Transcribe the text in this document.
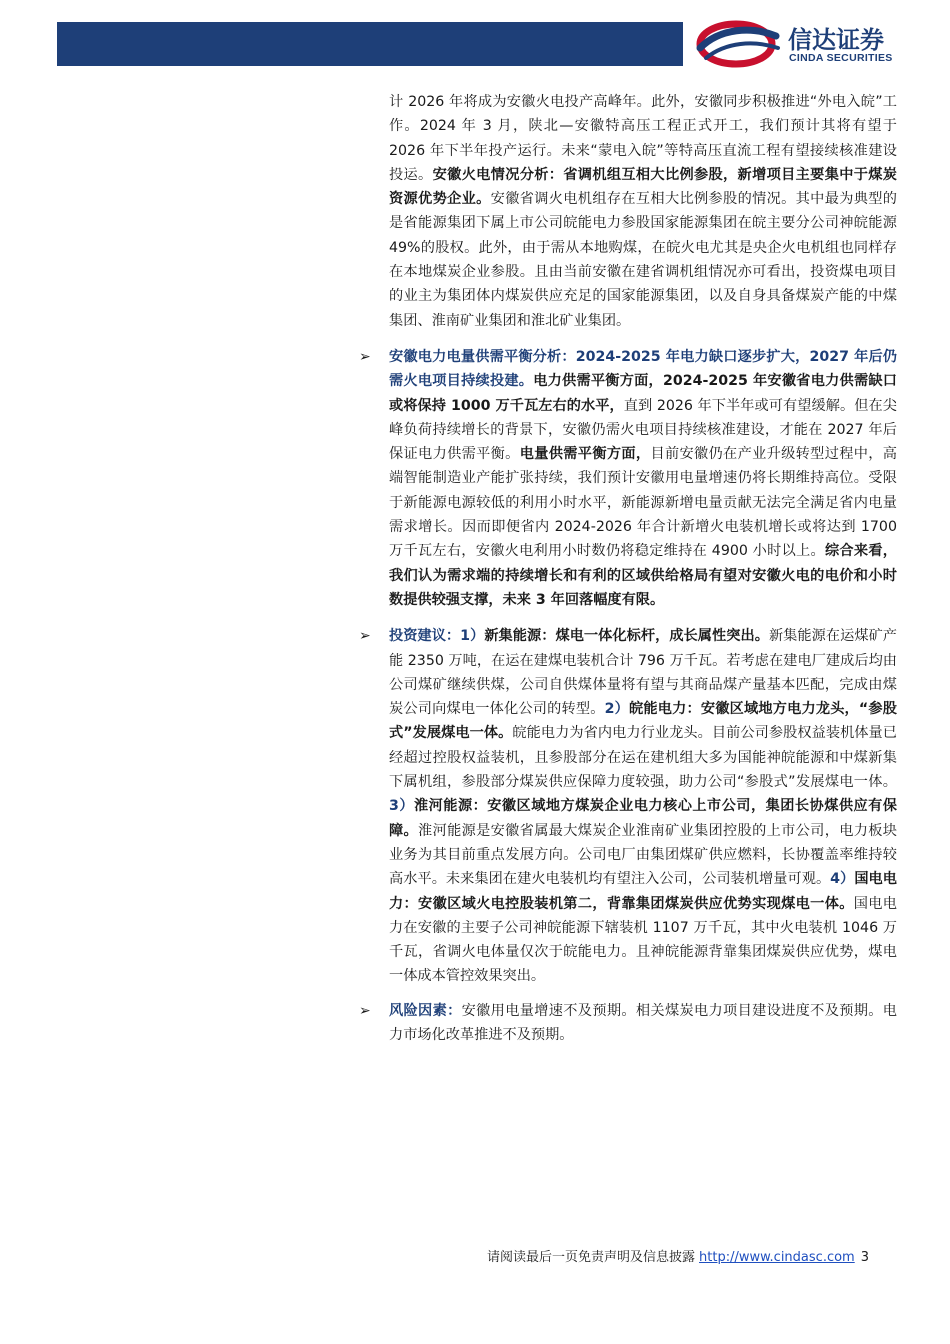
信达证券
CINDA SECURITIES

计 2026 年将成为安徽火电投产高峰年。此外，安徽同步积极推进“外电入皖”工作。2024 年 3 月，陕北—安徽特高压工程正式开工，我们预计其将有望于 2026 年下半年投产运行。未来“蒙电入皖”等特高压直流工程有望接续核准建设投运。安徽火电情况分析：省调机组互相大比例参股，新增项目主要集中于煤炭资源优势企业。安徽省调火电机组存在互相大比例参股的情况。其中最为典型的是省能源集团下属上市公司皖能电力参股国家能源集团在皖主要分公司神皖能源 49%的股权。此外，由于需从本地购煤，在皖火电尤其是央企火电机组也同样存在本地煤炭企业参股。且由当前安徽在建省调机组情况亦可看出，投资煤电项目的业主为集团体内煤炭供应充足的国家能源集团，以及自身具备煤炭产能的中煤集团、淮南矿业集团和淮北矿业集团。

➢ 安徽电力电量供需平衡分析：2024-2025 年电力缺口逐步扩大，2027 年后仍需火电项目持续投建。电力供需平衡方面，2024-2025 年安徽省电力供需缺口或将保持 1000 万千瓦左右的水平，直到 2026 年下半年或可有望缓解。但在尖峰负荷持续增长的背景下，安徽仍需火电项目持续核准建设，才能在 2027 年后保证电力供需平衡。电量供需平衡方面，目前安徽仍在产业升级转型过程中，高端智能制造业产能扩张持续，我们预计安徽用电量增速仍将长期维持高位。受限于新能源电源较低的利用小时水平，新能源新增电量贡献无法完全满足省内电量需求增长。因而即便省内 2024-2026 年合计新增火电装机增长或将达到 1700 万千瓦左右，安徽火电利用小时数仍将稳定维持在 4900 小时以上。综合来看，我们认为需求端的持续增长和有利的区域供给格局有望对安徽火电的电价和小时数提供较强支撑，未来 3 年回落幅度有限。

➢ 投资建议：1）新集能源：煤电一体化标杆，成长属性突出。新集能源在运煤矿产能 2350 万吨，在运在建煤电装机合计 796 万千瓦。若考虑在建电厂建成后均由公司煤矿继续供煤，公司自供煤体量将有望与其商品煤产量基本匹配，完成由煤炭公司向煤电一体化公司的转型。2）皖能电力：安徽区域地方电力龙头，“参股式”发展煤电一体。皖能电力为省内电力行业龙头。目前公司参股权益装机体量已经超过控股权益装机，且参股部分在运在建机组大多为国能神皖能源和中煤新集下属机组，参股部分煤炭供应保障力度较强，助力公司“参股式”发展煤电一体。3）淮河能源：安徽区域地方煤炭企业电力核心上市公司，集团长协煤供应有保障。淮河能源是安徽省属最大煤炭企业淮南矿业集团控股的上市公司，电力板块业务为其目前重点发展方向。公司电厂由集团煤矿供应燃料，长协覆盖率维持较高水平。未来集团在建火电装机均有望注入公司，公司装机增量可观。4）国电电力：安徽区域火电控股装机第二，背靠集团煤炭供应优势实现煤电一体。国电电力在安徽的主要子公司神皖能源下辖装机 1107 万千瓦，其中火电装机 1046 万千瓦，省调火电体量仅次于皖能电力。且神皖能源背靠集团煤炭供应优势，煤电一体成本管控效果突出。

➢ 风险因素：安徽用电量增速不及预期。相关煤炭电力项目建设进度不及预期。电力市场化改革推进不及预期。

请阅读最后一页免责声明及信息披露 http://www.cindasc.com 3
